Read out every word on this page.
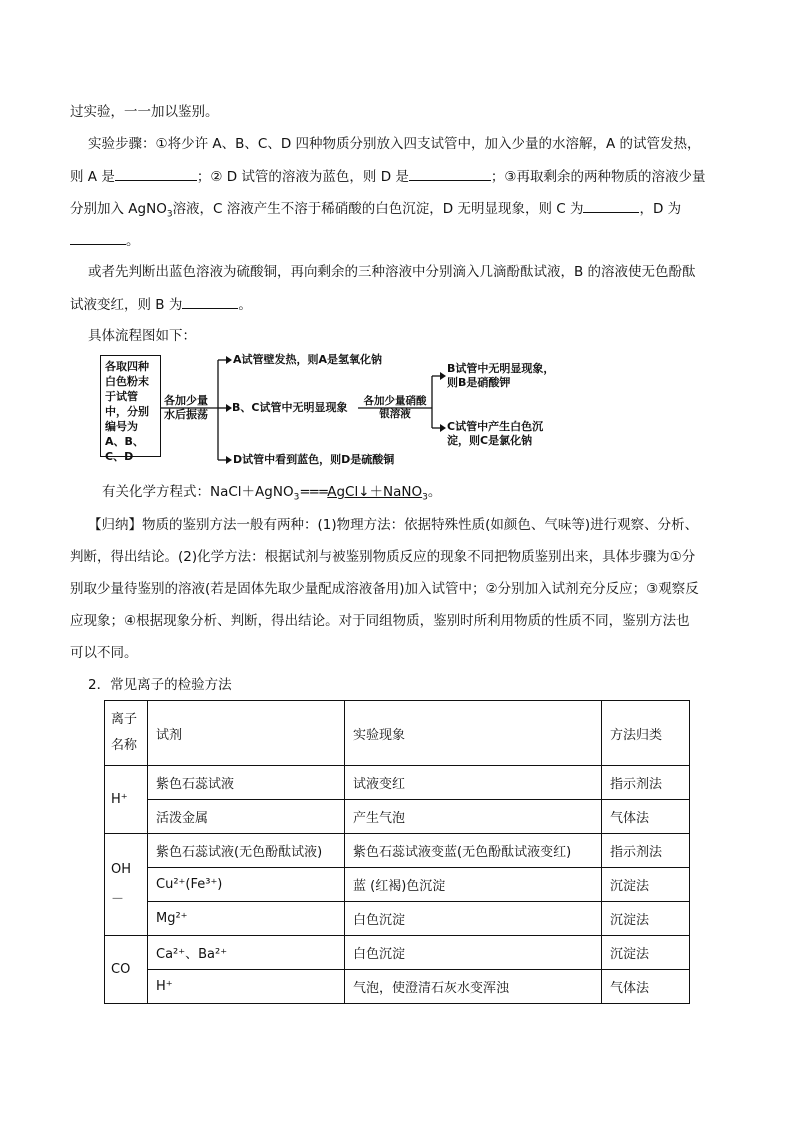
过实验，一一加以鉴别。
实验步骤：①将少许 A、B、C、D 四种物质分别放入四支试管中，加入少量的水溶解，A 的试管发热，
则 A 是	；② D 试管的溶液为蓝色，则 D 是	；③再取剩余的两种物质的溶液少量
分别加入 AgNO$_3$溶液，C 溶液产生不溶于稀硝酸的白色沉淀，D 无明显现象，则 C 为	，D 为
。
或者先判断出蓝色溶液为硫酸铜，再向剩余的三种溶液中分别滴入几滴酚酞试液，B 的溶液使无色酚酞
试液变红，则 B 为	。
具体流程图如下：
各取四种白色粉末于试管中，分别编号为A、B、C、D
各加少量水后振荡
A试管壁发热，则A是氢氧化钠
B、C试管中无明显现象
D试管中看到蓝色，则D是硫酸铜
各加少量硝酸银溶液
B试管中无明显现象，则B是硝酸钾
C试管中产生白色沉淀，则C是氯化钠
有关化学方程式：NaCl＋AgNO$_3$===AgCl↓＋NaNO$_3$。
【归纳】物质的鉴别方法一般有两种：(1)物理方法：依据特殊性质(如颜色、气味等)进行观察、分析、
判断，得出结论。(2)化学方法：根据试剂与被鉴别物质反应的现象不同把物质鉴别出来，具体步骤为①分
别取少量待鉴别的溶液(若是固体先取少量配成溶液备用)加入试管中；②分别加入试剂充分反应；③观察反
应现象；④根据现象分析、判断，得出结论。对于同组物质，鉴别时所利用物质的性质不同，鉴别方法也
可以不同。
2．常见离子的检验方法
离子名称	试剂	实验现象	方法归类
H⁺	紫色石蕊试液	试液变红	指示剂法
	活泼金属	产生气泡	气体法
OH－	紫色石蕊试液(无色酚酞试液)	紫色石蕊试液变蓝(无色酚酞试液变红)	指示剂法
	Cu²⁺(Fe³⁺)	蓝 (红褐)色沉淀	沉淀法
	Mg²⁺	白色沉淀	沉淀法
CO	Ca²⁺、Ba²⁺	白色沉淀	沉淀法
	H⁺	气泡，使澄清石灰水变浑浊	气体法
